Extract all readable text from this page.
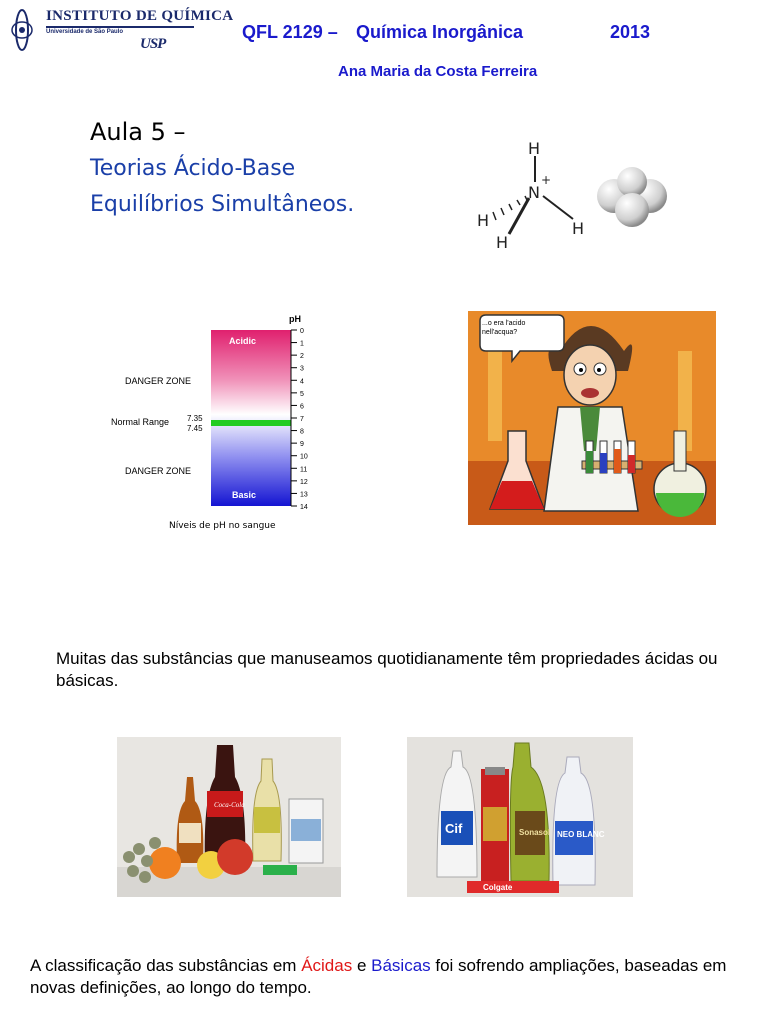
INSTITUTO DE QUÍMICA
Universidade de São Paulo
USP
QFL 2129 – Química Inorgânica	2013
Ana Maria da Costa Ferreira
Aula 5 –
Teorias Ácido-Base
Equilíbrios Simultâneos.
H
N
+
H	H
H
0
1
2
3
4
5
6
7
8
9
10
11
12
13
14
pH
Acidic
Basic
DANGER ZONE
Normal Range 7.35
7.45
DANGER ZONE
Níveis de pH no sangue
...o era l'acido nell'acqua?
Muitas das substâncias que manuseamos quotidianamente têm propriedades ácidas ou básicas.
Coca-Cola
Cif	Sonasol NEO BLANC
Colgate
A classificação das substâncias em Ácidas e Básicas foi sofrendo ampliações, baseadas em novas definições, ao longo do tempo.
